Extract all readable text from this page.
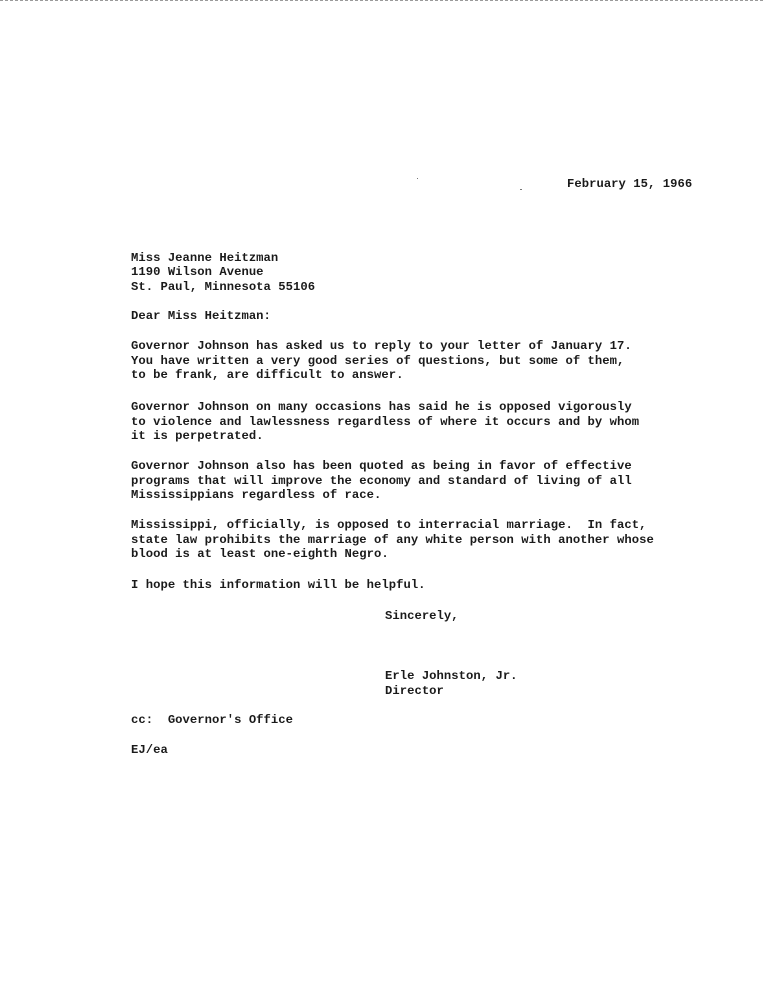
February 15, 1966
Miss Jeanne Heitzman
1190 Wilson Avenue
St. Paul, Minnesota 55106
Dear Miss Heitzman:
Governor Johnson has asked us to reply to your letter of January 17.
You have written a very good series of questions, but some of them,
to be frank, are difficult to answer.
Governor Johnson on many occasions has said he is opposed vigorously
to violence and lawlessness regardless of where it occurs and by whom
it is perpetrated.
Governor Johnson also has been quoted as being in favor of effective
programs that will improve the economy and standard of living of all
Mississippians regardless of race.
Mississippi, officially, is opposed to interracial marriage.  In fact,
state law prohibits the marriage of any white person with another whose
blood is at least one-eighth Negro.
I hope this information will be helpful.
Sincerely,
Erle Johnston, Jr.
Director
cc:  Governor's Office
EJ/ea
